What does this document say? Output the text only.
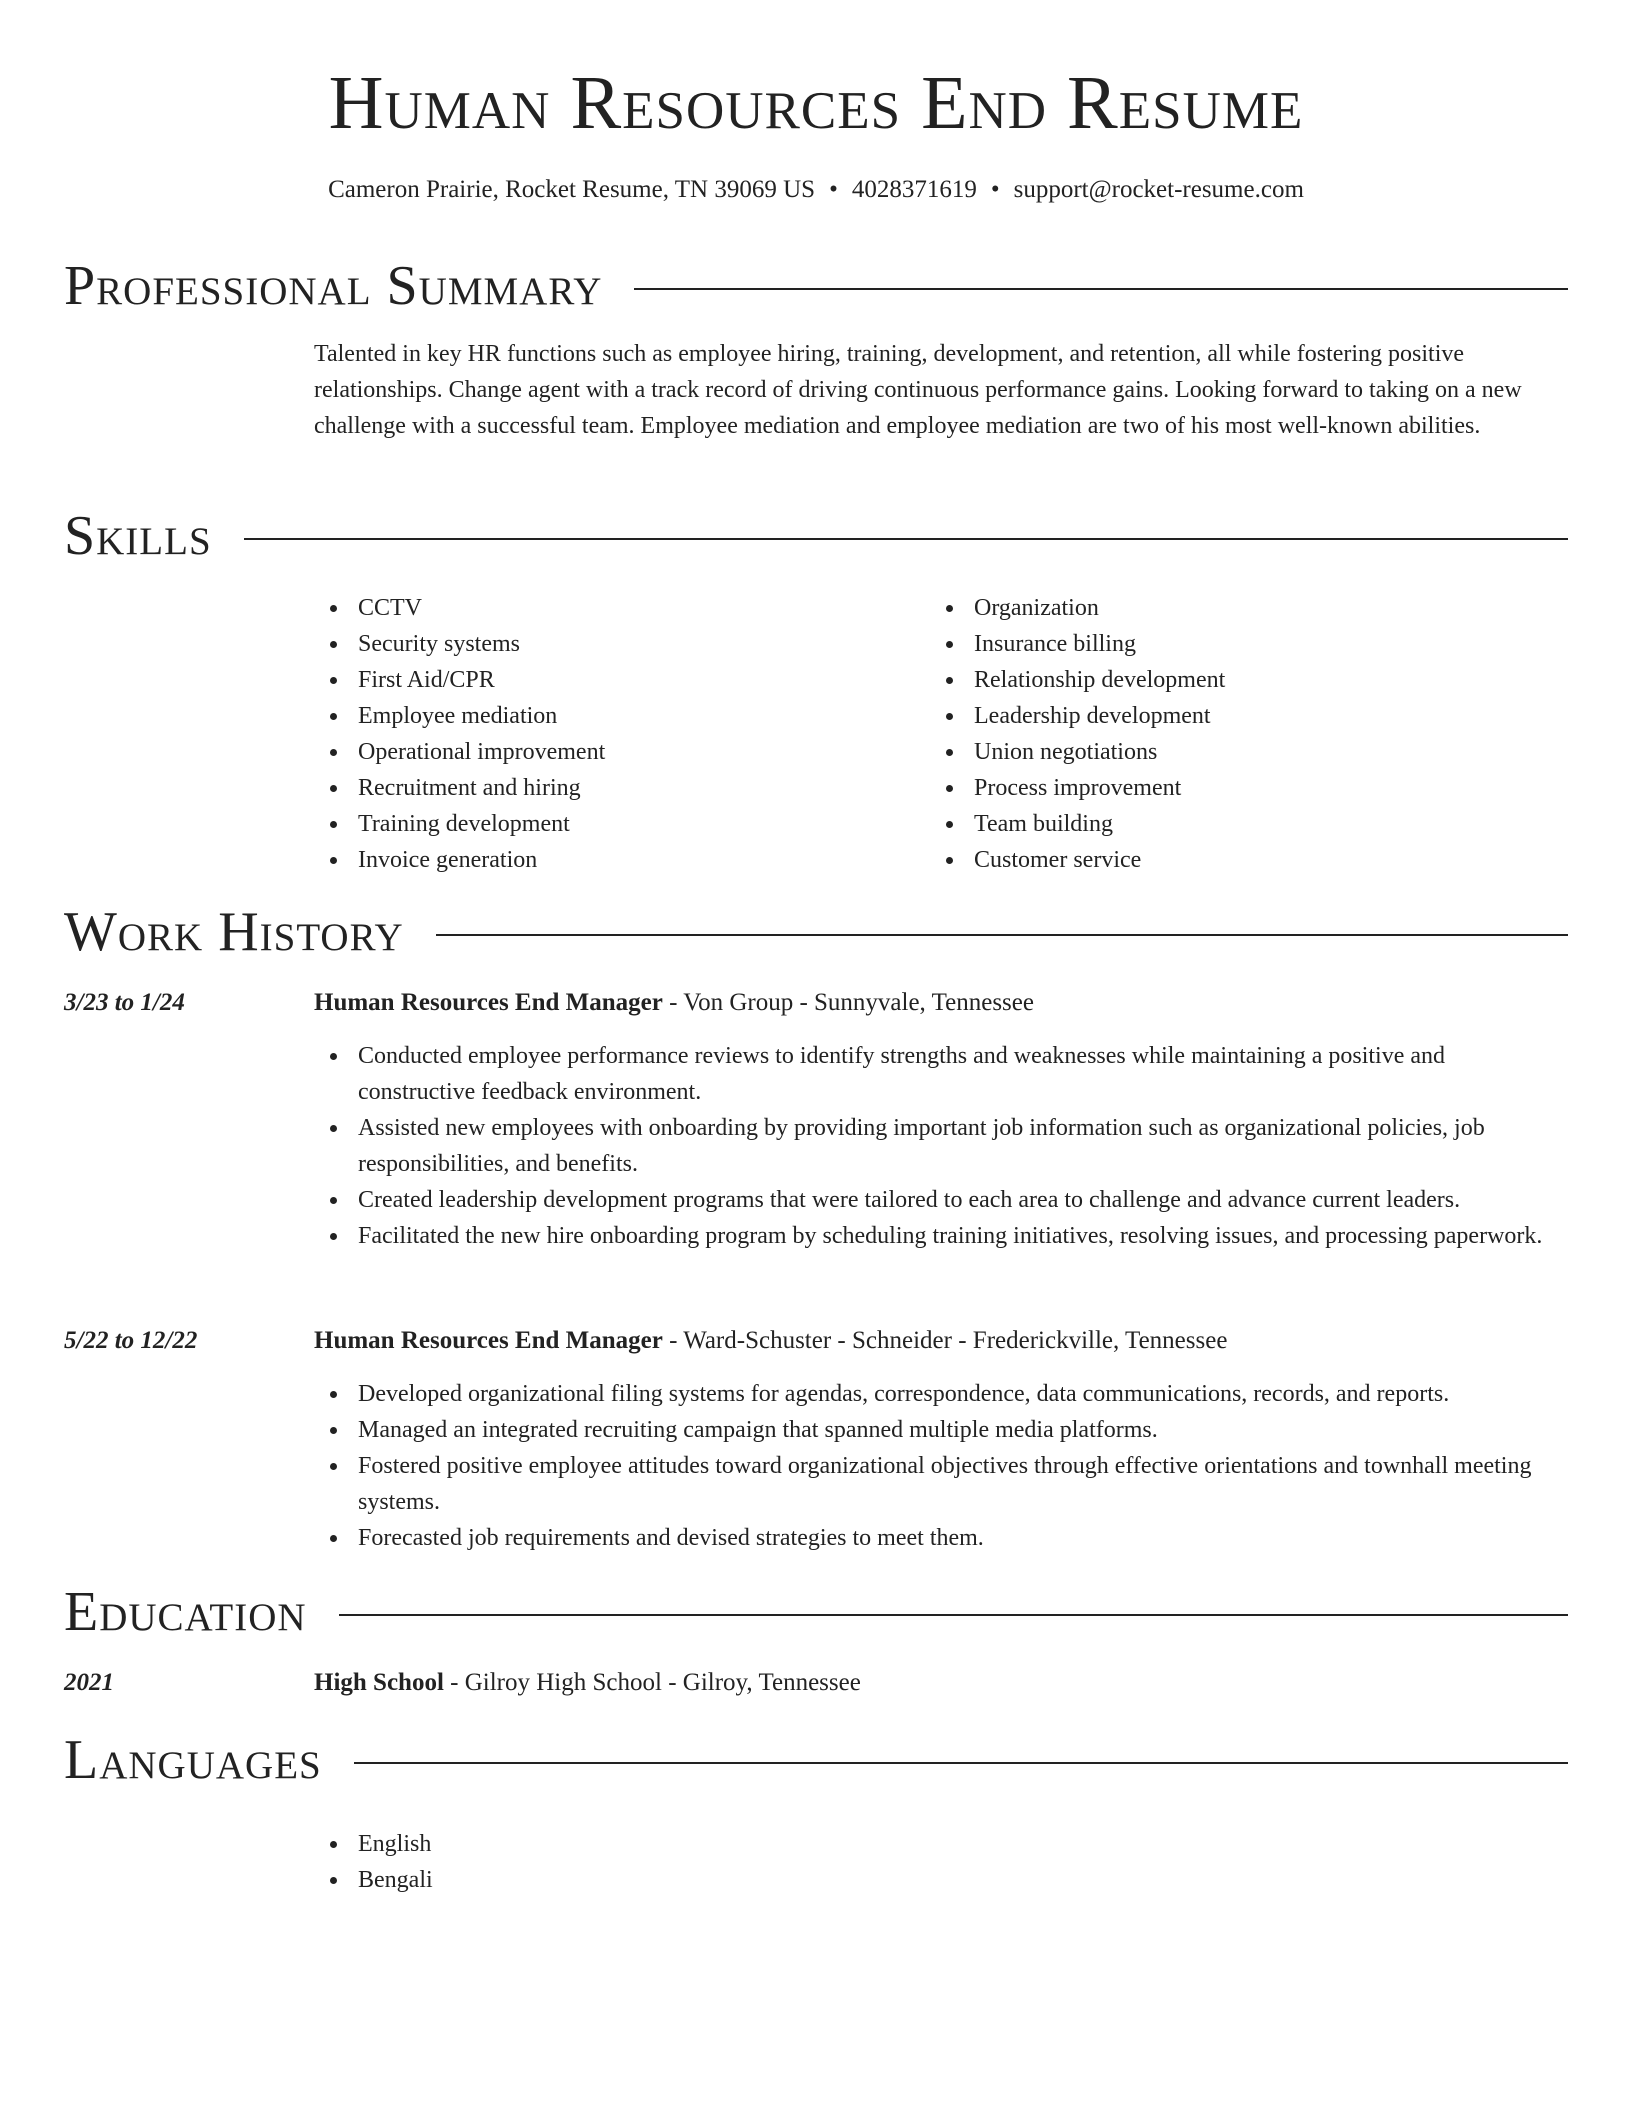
Human Resources End Resume
Cameron Prairie, Rocket Resume, TN 39069 US • 4028371619 • support@rocket-resume.com
Professional Summary

Talented in key HR functions such as employee hiring, training, development, and retention, all while fostering positive relationships. Change agent with a track record of driving continuous performance gains. Looking forward to taking on a new challenge with a successful team. Employee mediation and employee mediation are two of his most well-known abilities.

Skills
CCTV
Security systems
First Aid/CPR
Employee mediation
Operational improvement
Recruitment and hiring
Training development
Invoice generation
Organization
Insurance billing
Relationship development
Leadership development
Union negotiations
Process improvement
Team building
Customer service
Work History
3/23 to 1/24	Human Resources End Manager - Von Group - Sunnyvale, Tennessee
Conducted employee performance reviews to identify strengths and weaknesses while maintaining a positive and constructive feedback environment.
Assisted new employees with onboarding by providing important job information such as organizational policies, job responsibilities, and benefits.
Created leadership development programs that were tailored to each area to challenge and advance current leaders.
Facilitated the new hire onboarding program by scheduling training initiatives, resolving issues, and processing paperwork.
5/22 to 12/22	Human Resources End Manager - Ward-Schuster - Schneider - Frederickville, Tennessee
Developed organizational filing systems for agendas, correspondence, data communications, records, and reports.
Managed an integrated recruiting campaign that spanned multiple media platforms.
Fostered positive employee attitudes toward organizational objectives through effective orientations and townhall meeting systems.
Forecasted job requirements and devised strategies to meet them.
Education
2021	High School - Gilroy High School - Gilroy, Tennessee
Languages
English
Bengali
